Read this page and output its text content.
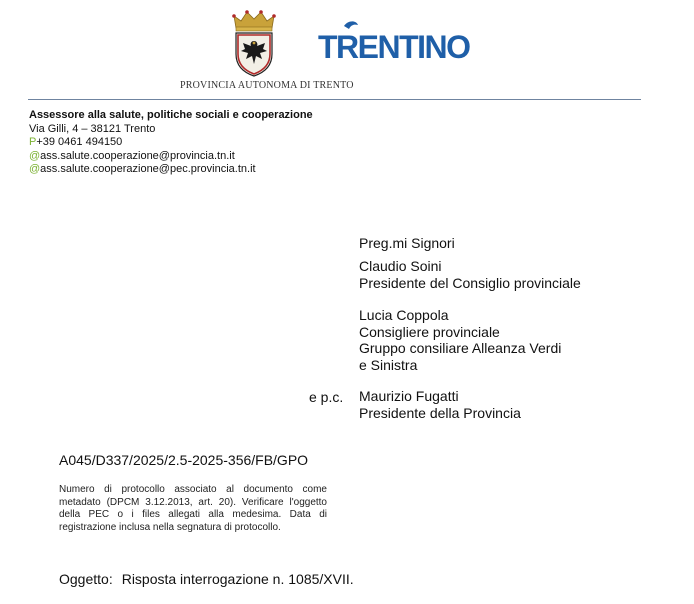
PROVINCIA AUTONOMA DI TRENTO
TRENTINO
Assessore alla salute, politiche sociali e cooperazione
Via Gilli, 4 – 38121 Trento
P+39 0461 494150
@ass.salute.cooperazione@provincia.tn.it
@ass.salute.cooperazione@pec.provincia.tn.it
Preg.mi Signori
Claudio Soini
Presidente del Consiglio provinciale
Lucia Coppola
Consigliere provinciale
Gruppo consiliare Alleanza Verdi
e Sinistra
e p.c. Maurizio Fugatti
Presidente della Provincia
A045/D337/2025/2.5-2025-356/FB/GPO
Numero di protocollo associato al documento come metadato (DPCM 3.12.2013, art. 20). Verificare l'oggetto della PEC o i files allegati alla medesima. Data di registrazione inclusa nella segnatura di protocollo.
Oggetto: Risposta interrogazione n. 1085/XVII.
